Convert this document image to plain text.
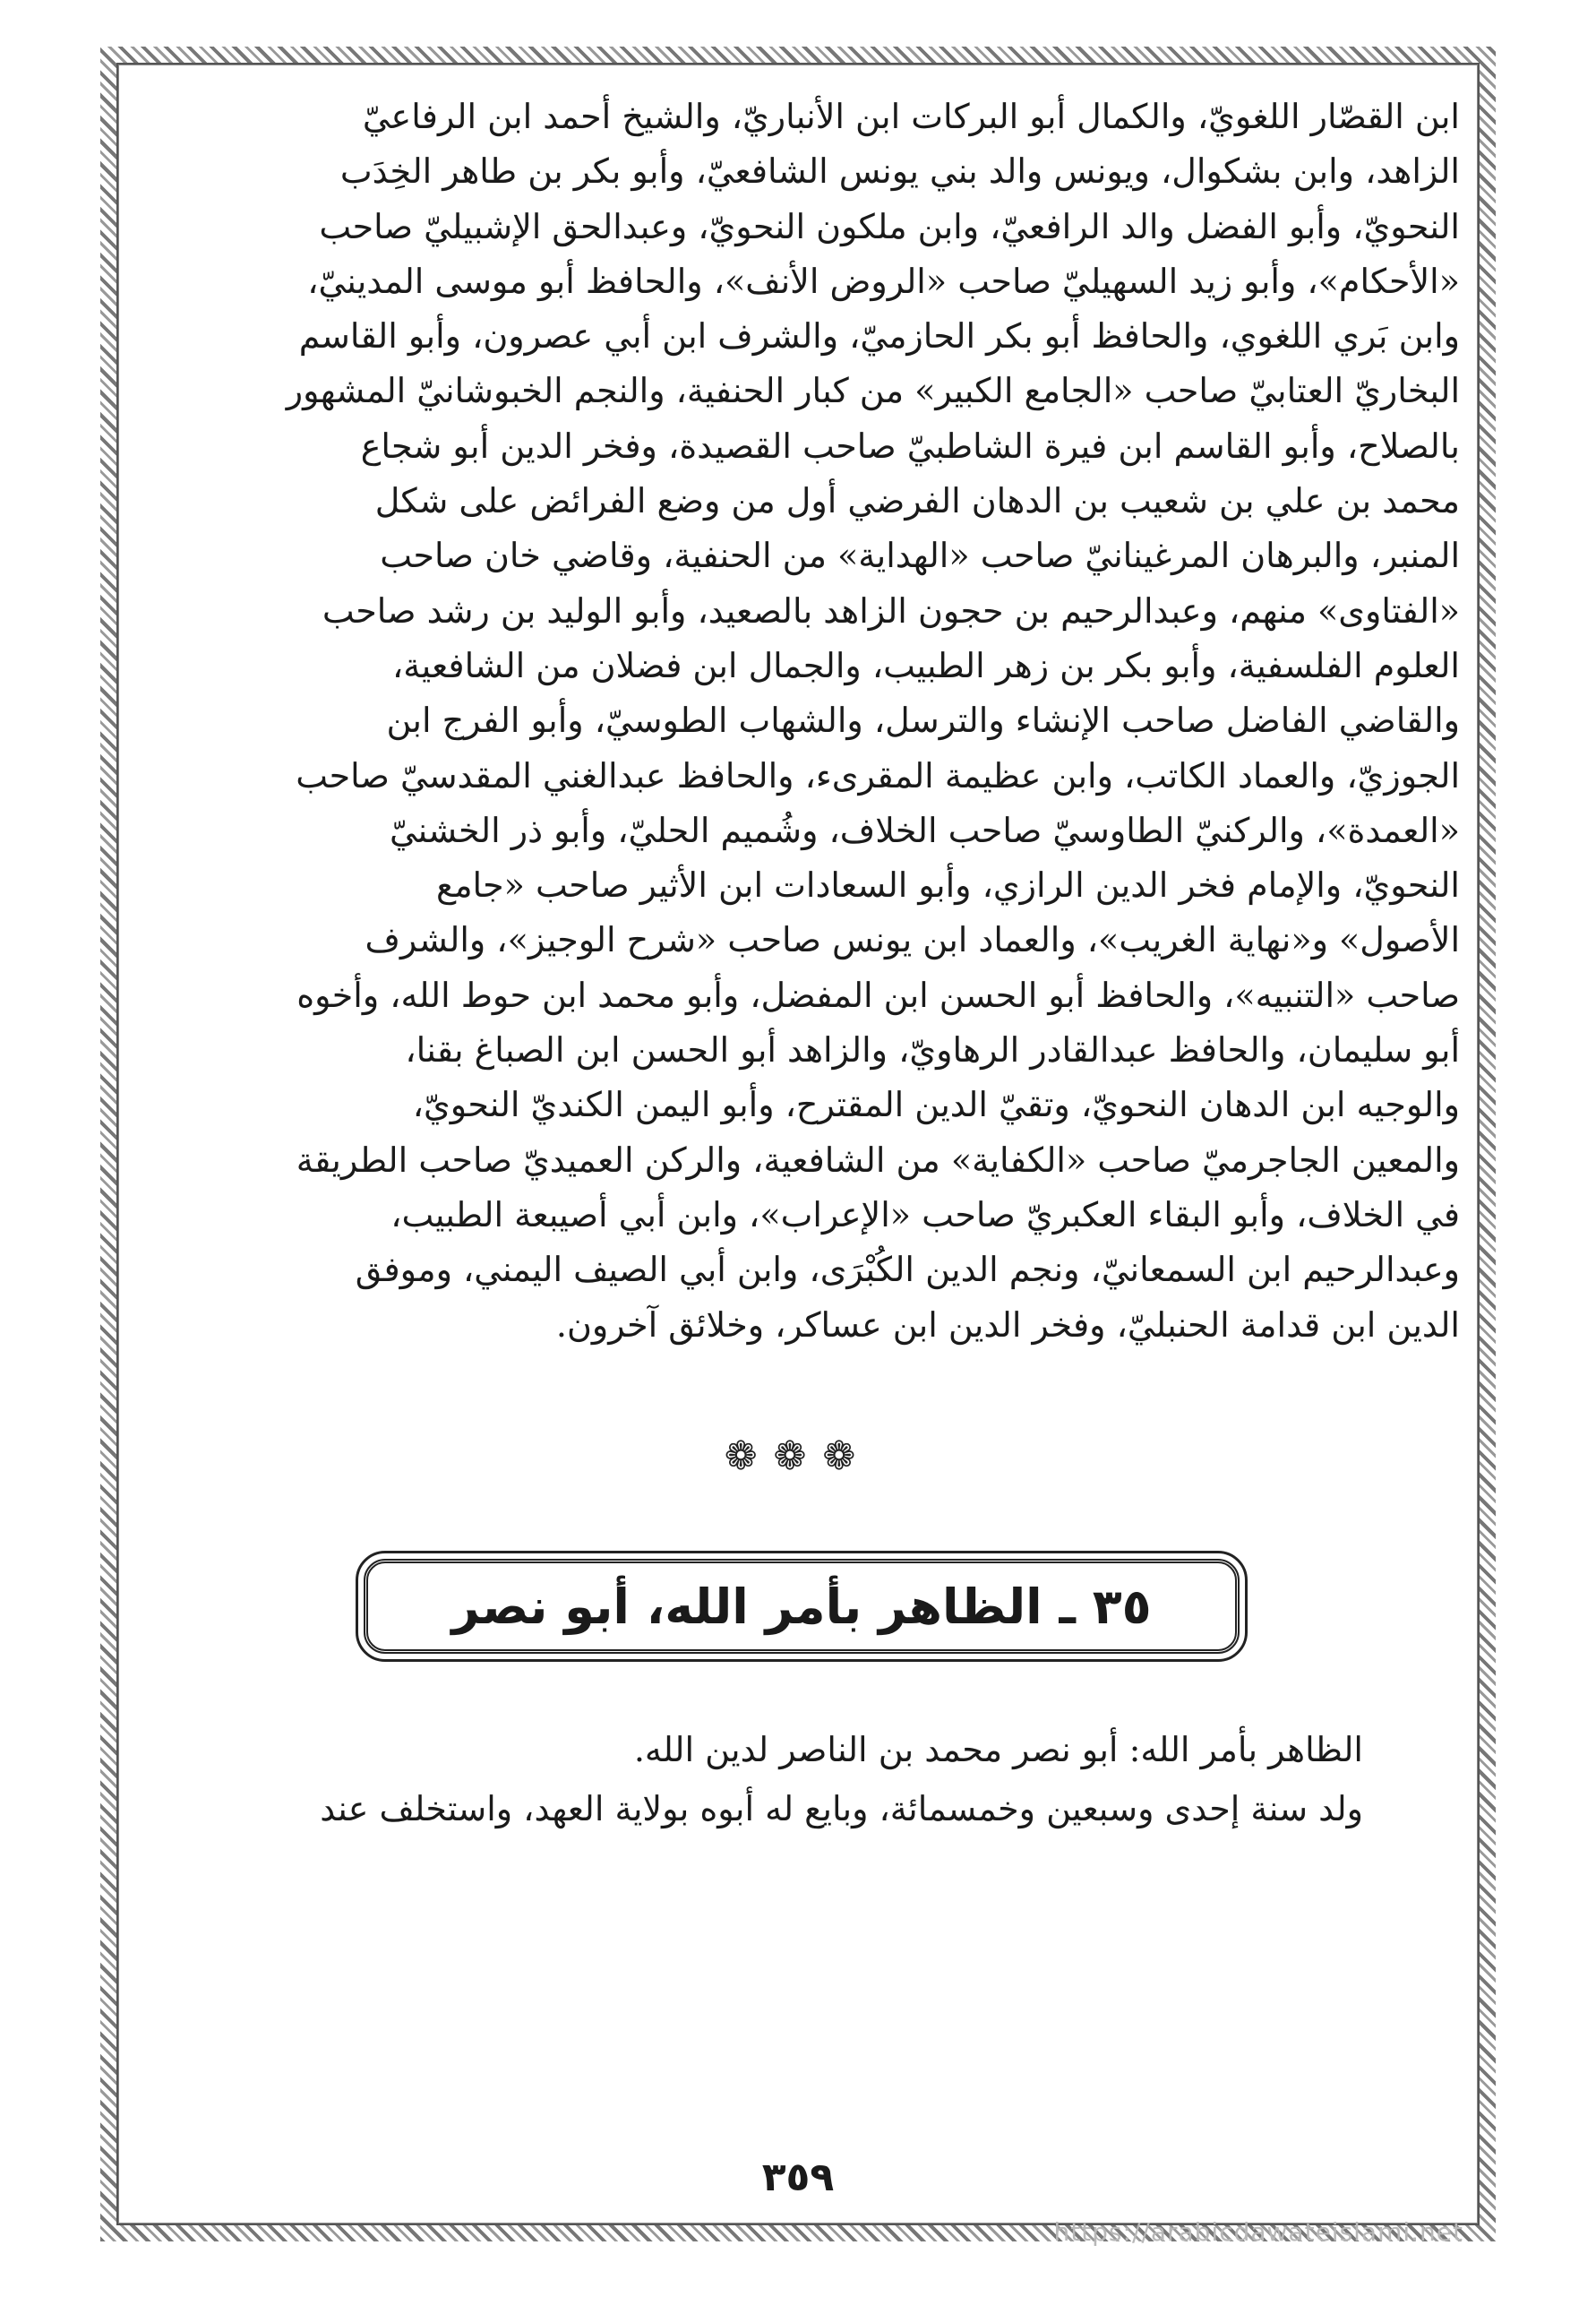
ابن القصّار اللغويّ، والكمال أبو البركات ابن الأنباريّ، والشيخ أحمد ابن الرفاعيّ

الزاهد، وابن بشكوال، ويونس والد بني يونس الشافعيّ، وأبو بكر بن طاهر الخِدَب

النحويّ، وأبو الفضل والد الرافعيّ، وابن ملكون النحويّ، وعبدالحق الإشبيليّ صاحب

«الأحكام»، وأبو زيد السهيليّ صاحب «الروض الأنف»، والحافظ أبو موسى المدينيّ،

وابن بَري اللغوي، والحافظ أبو بكر الحازميّ، والشرف ابن أبي عصرون، وأبو القاسم

البخاريّ العتابيّ صاحب «الجامع الكبير» من كبار الحنفية، والنجم الخبوشانيّ المشهور

بالصلاح، وأبو القاسم ابن فيرة الشاطبيّ صاحب القصيدة، وفخر الدين أبو شجاع

محمد بن علي بن شعيب بن الدهان الفرضي أول من وضع الفرائض على شكل

المنبر، والبرهان المرغينانيّ صاحب «الهداية» من الحنفية، وقاضي خان صاحب

«الفتاوى» منهم، وعبدالرحيم بن حجون الزاهد بالصعيد، وأبو الوليد بن رشد صاحب

العلوم الفلسفية، وأبو بكر بن زهر الطبيب، والجمال ابن فضلان من الشافعية،

والقاضي الفاضل صاحب الإنشاء والترسل، والشهاب الطوسيّ، وأبو الفرج ابن

الجوزيّ، والعماد الكاتب، وابن عظيمة المقرىء، والحافظ عبدالغني المقدسيّ صاحب

«العمدة»، والركنيّ الطاوسيّ صاحب الخلاف، وشُميم الحليّ، وأبو ذر الخشنيّ

النحويّ، والإمام فخر الدين الرازي، وأبو السعادات ابن الأثير صاحب «جامع

الأصول» و«نهاية الغريب»، والعماد ابن يونس صاحب «شرح الوجيز»، والشرف

صاحب «التنبيه»، والحافظ أبو الحسن ابن المفضل، وأبو محمد ابن حوط الله، وأخوه

أبو سليمان، والحافظ عبدالقادر الرهاويّ، والزاهد أبو الحسن ابن الصباغ بقنا،

والوجيه ابن الدهان النحويّ، وتقيّ الدين المقترح، وأبو اليمن الكنديّ النحويّ،

والمعين الجاجرميّ صاحب «الكفاية» من الشافعية، والركن العميديّ صاحب الطريقة

في الخلاف، وأبو البقاء العكبريّ صاحب «الإعراب»، وابن أبي أصيبعة الطبيب،

وعبدالرحيم ابن السمعانيّ، ونجم الدين الكُبْرَى، وابن أبي الصيف اليمني، وموفق

الدين ابن قدامة الحنبليّ، وفخر الدين ابن عساكر، وخلائق آخرون.

❁❁❁
٣٥ ـ الظاهر بأمر الله، أبو نصر

الظاهر بأمر الله: أبو نصر محمد بن الناصر لدين الله.

ولد سنة إحدى وسبعين وخمسمائة، وبايع له أبوه بولاية العهد، واستخلف عند

٣٥٩
https://arabicdawateislami.net
